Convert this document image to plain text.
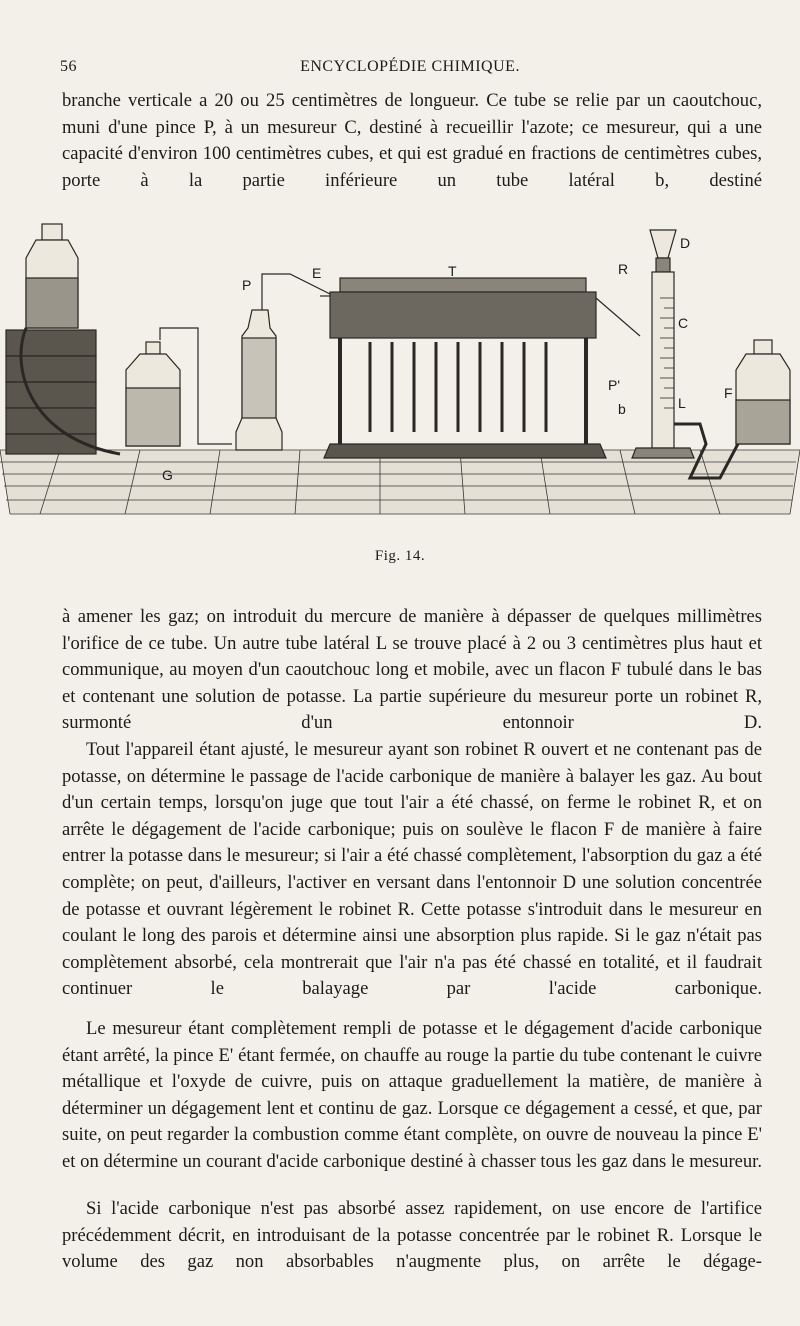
56	ENCYCLOPÉDIE CHIMIQUE.

branche verticale a 20 ou 25 centimètres de longueur. Ce tube se relie par un caoutchouc, muni d'une pince P, à un mesureur C, destiné à recueillir l'azote; ce mesureur, qui a une capacité d'environ 100 centimètres cubes, et qui est gradué en fractions de centimètres cubes, porte à la partie inférieure un tube latéral b, destiné

D
R
T
E
P
C
P'
b	L
F
G
Fig. 14.

à amener les gaz; on introduit du mercure de manière à dépasser de quelques millimètres l'orifice de ce tube. Un autre tube latéral L se trouve placé à 2 ou 3 centimètres plus haut et communique, au moyen d'un caoutchouc long et mobile, avec un flacon F tubulé dans le bas et contenant une solution de potasse. La partie supérieure du mesureur porte un robinet R, surmonté d'un entonnoir D.

Tout l'appareil étant ajusté, le mesureur ayant son robinet R ouvert et ne contenant pas de potasse, on détermine le passage de l'acide carbonique de manière à balayer les gaz. Au bout d'un certain temps, lorsqu'on juge que tout l'air a été chassé, on ferme le robinet R, et on arrête le dégagement de l'acide carbonique; puis on soulève le flacon F de manière à faire entrer la potasse dans le mesureur; si l'air a été chassé complètement, l'absorption du gaz a été complète; on peut, d'ailleurs, l'activer en versant dans l'entonnoir D une solution concentrée de potasse et ouvrant légèrement le robinet R. Cette potasse s'introduit dans le mesureur en coulant le long des parois et détermine ainsi une absorption plus rapide. Si le gaz n'était pas complètement absorbé, cela montrerait que l'air n'a pas été chassé en totalité, et il faudrait continuer le balayage par l'acide carbonique.

Le mesureur étant complètement rempli de potasse et le dégagement d'acide carbonique étant arrêté, la pince E' étant fermée, on chauffe au rouge la partie du tube contenant le cuivre métallique et l'oxyde de cuivre, puis on attaque graduellement la matière, de manière à déterminer un dégagement lent et continu de gaz. Lorsque ce dégagement a cessé, et que, par suite, on peut regarder la combustion comme étant complète, on ouvre de nouveau la pince E' et on détermine un courant d'acide carbonique destiné à chasser tous les gaz dans le mesureur.

Si l'acide carbonique n'est pas absorbé assez rapidement, on use encore de l'artifice précédemment décrit, en introduisant de la potasse concentrée par le robinet R. Lorsque le volume des gaz non absorbables n'augmente plus, on arrête le dégage-
